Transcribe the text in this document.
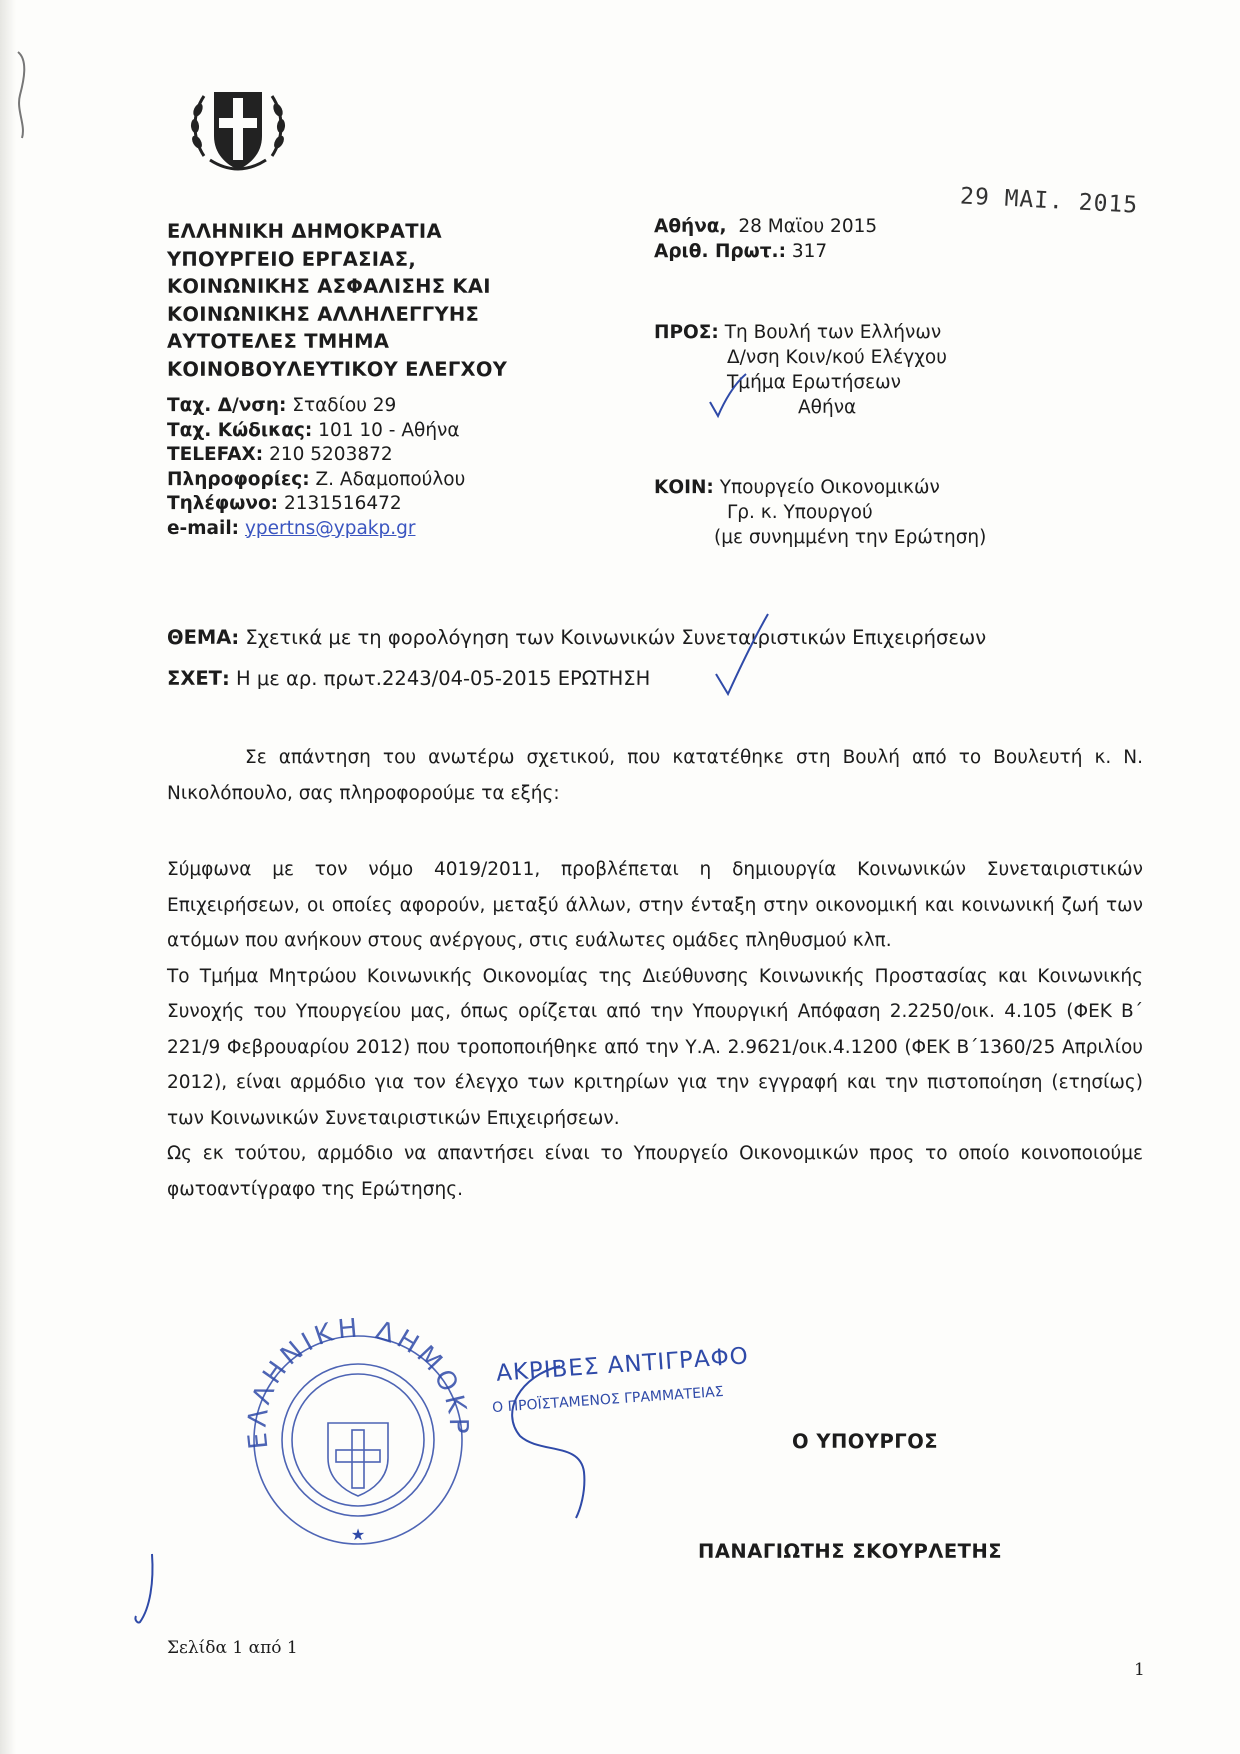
ΕΛΛΗΝΙΚΗ ΔΗΜΟΚΡΑΤΙΑ
ΥΠΟΥΡΓΕΙΟ ΕΡΓΑΣΙΑΣ,
ΚΟΙΝΩΝΙΚΗΣ ΑΣΦΑΛΙΣΗΣ ΚΑΙ
ΚΟΙΝΩΝΙΚΗΣ ΑΛΛΗΛΕΓΓΥΗΣ
ΑΥΤΟΤΕΛΕΣ ΤΜΗΜΑ
ΚΟΙΝΟΒΟΥΛΕΥΤΙΚΟΥ ΕΛΕΓΧΟΥ
Ταχ. Δ/νση: Σταδίου 29
Ταχ. Κώδικας: 101 10 - Αθήνα
TELEFAX: 210 5203872
Πληροφορίες: Ζ. Αδαμοπούλου
Τηλέφωνο: 2131516472
e-mail: ypertns@ypakp.gr
29 ΜΑΙ. 2015
Αθήνα, 28 Μαϊου 2015
Αριθ. Πρωτ.: 317
ΠΡΟΣ: Τη Βουλή των Ελλήνων
Δ/νση Κοιν/κού Ελέγχου
Τμήμα Ερωτήσεων
Αθήνα
ΚΟΙΝ: Υπουργείο Οικονομικών
Γρ. κ. Υπουργού
(με συνημμένη την Ερώτηση)
ΘΕΜΑ: Σχετικά με τη φορολόγηση των Κοινωνικών Συνεταιριστικών Επιχειρήσεων
ΣΧΕΤ: Η με αρ. πρωτ.2243/04-05-2015 ΕΡΩΤΗΣΗ

Σε απάντηση του ανωτέρω σχετικού, που κατατέθηκε στη Βουλή από το Βουλευτή κ. Ν. Νικολόπουλο, σας πληροφορούμε τα εξής:

Σύμφωνα με τον νόμο 4019/2011, προβλέπεται η δημιουργία Κοινωνικών Συνεταιριστικών Επιχειρήσεων, οι οποίες αφορούν, μεταξύ άλλων, στην ένταξη στην οικονομική και κοινωνική ζωή των ατόμων που ανήκουν στους ανέργους, στις ευάλωτες ομάδες πληθυσμού κλπ.

Το Τμήμα Μητρώου Κοινωνικής Οικονομίας της Διεύθυνσης Κοινωνικής Προστασίας και Κοινωνικής Συνοχής του Υπουργείου μας, όπως ορίζεται από την Υπουργική Απόφαση 2.2250/οικ. 4.105 (ΦΕΚ Β΄ 221/9 Φεβρουαρίου 2012) που τροποποιήθηκε από την Υ.Α. 2.9621/οικ.4.1200 (ΦΕΚ Β΄1360/25 Απριλίου 2012), είναι αρμόδιο για τον έλεγχο των κριτηρίων για την εγγραφή και την πιστοποίηση (ετησίως) των Κοινωνικών Συνεταιριστικών Επιχειρήσεων.

Ως εκ τούτου, αρμόδιο να απαντήσει είναι το Υπουργείο Οικονομικών προς το οποίο κοινοποιούμε φωτοαντίγραφο της Ερώτησης.

ΕΛΛΗΝΙΚΗ ΔΗΜΟΚΡ
★
ΑΚΡΙΒΕΣ ΑΝΤΙΓΡΑΦΟ
Ο ΠΡΟΪΣΤΑΜΕΝΟΣ ΓΡΑΜΜΑΤΕΙΑΣ
Ο ΥΠΟΥΡΓΟΣ
ΠΑΝΑΓΙΩΤΗΣ ΣΚΟΥΡΛΕΤΗΣ
Σελίδα 1 από 1
1
